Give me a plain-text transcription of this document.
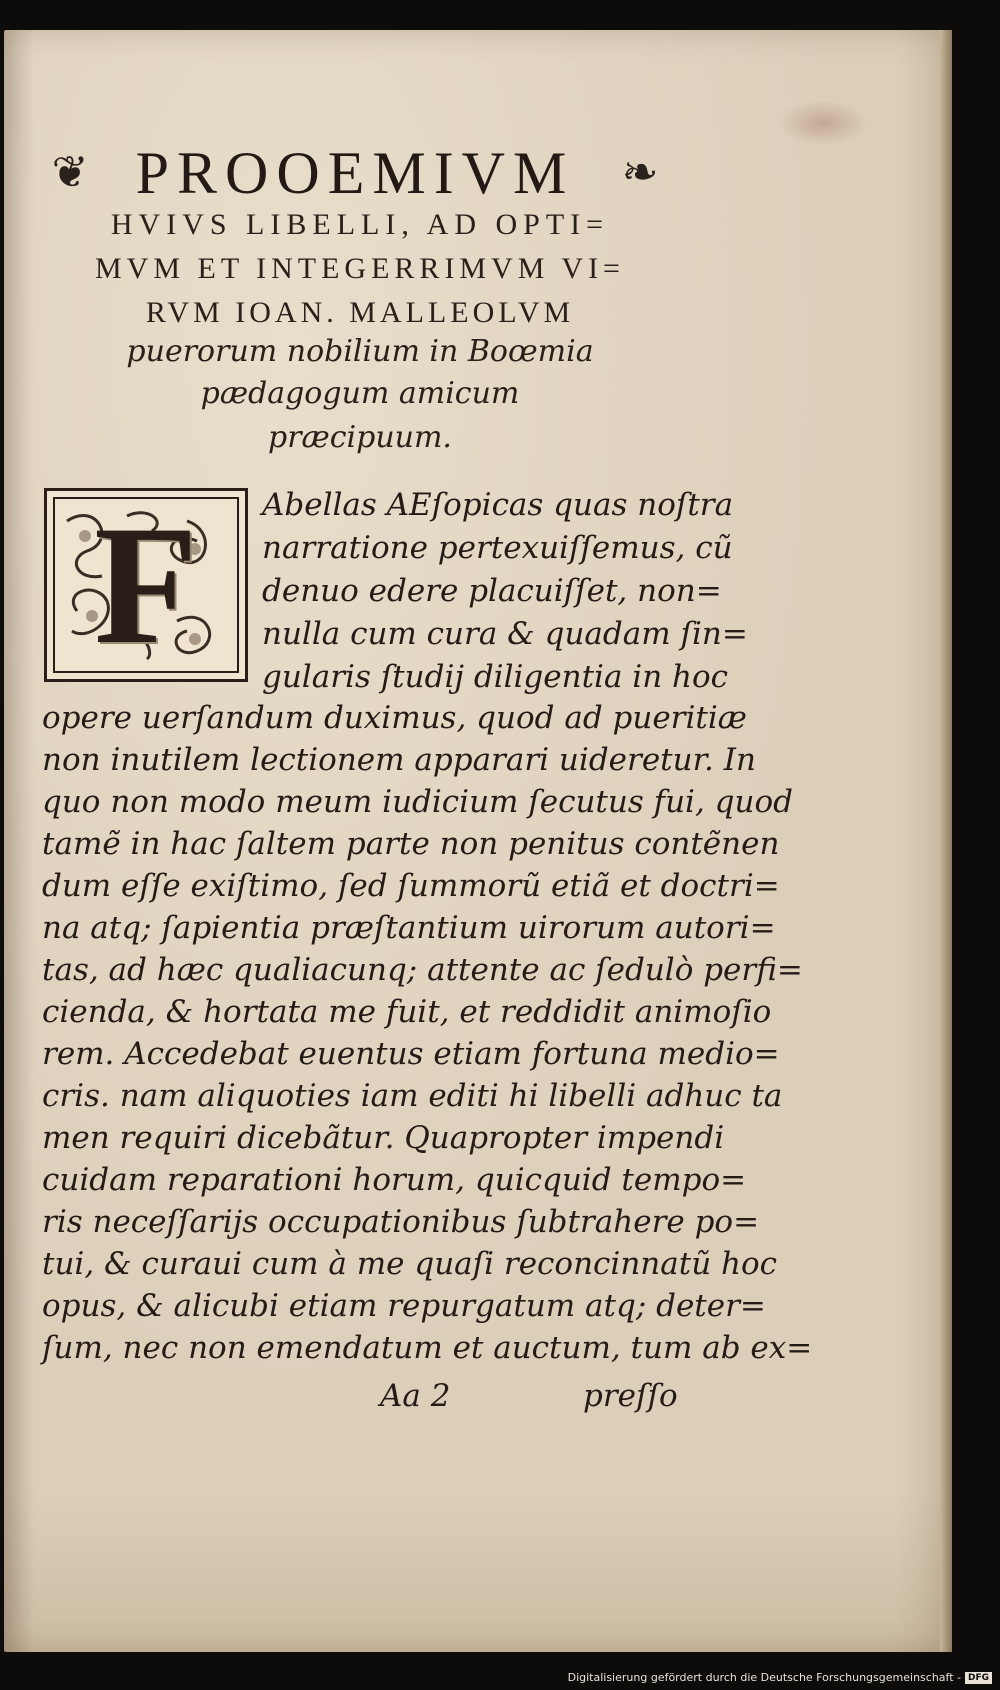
❦ PROOEMIVM	❧
HVIVS LIBELLI, AD OPTI=
MVM ET INTEGERRIMVM VI=
RVM IOAN. MALLEOLVM
puerorum nobilium in Boœmia
pædagogum amicum
præcipuum.
F Abellas AEſopicas quas noſtra
narratione pertexuiſſemus, cũ
denuo edere placuiſſet, non=
nulla cum cura & quadam ſin=
gularis ſtudij diligentia in hoc
opere uerſandum duximus, quod ad pueritiæ
non inutilem lectionem apparari uideretur. In
quo non modo meum iudicium ſecutus fui, quod
tamẽ in hac ſaltem parte non penitus contẽnen
dum eſſe exiſtimo, ſed ſummorũ etiã et doctri=
na atq; ſapientia præſtantium uirorum autori=
tas, ad hæc qualiacunq; attente ac ſedulò perfi=
cienda, & hortata me fuit, et reddidit animoſio
rem. Accedebat euentus etiam fortuna medio=
cris. nam aliquoties iam editi hi libelli adhuc ta
men requiri dicebãtur. Quapropter impendi
cuidam reparationi horum, quicquid tempo=
ris neceſſarijs occupationibus ſubtrahere po=
tui, & curaui cum à me quaſi reconcinnatũ hoc
opus, & alicubi etiam repurgatum atq; deter=
ſum, nec non emendatum et auctum, tum ab ex=
Aa 2	preſſo
Digitalisierung gefördert durch die Deutsche Forschungsgemeinschaft - DFG
